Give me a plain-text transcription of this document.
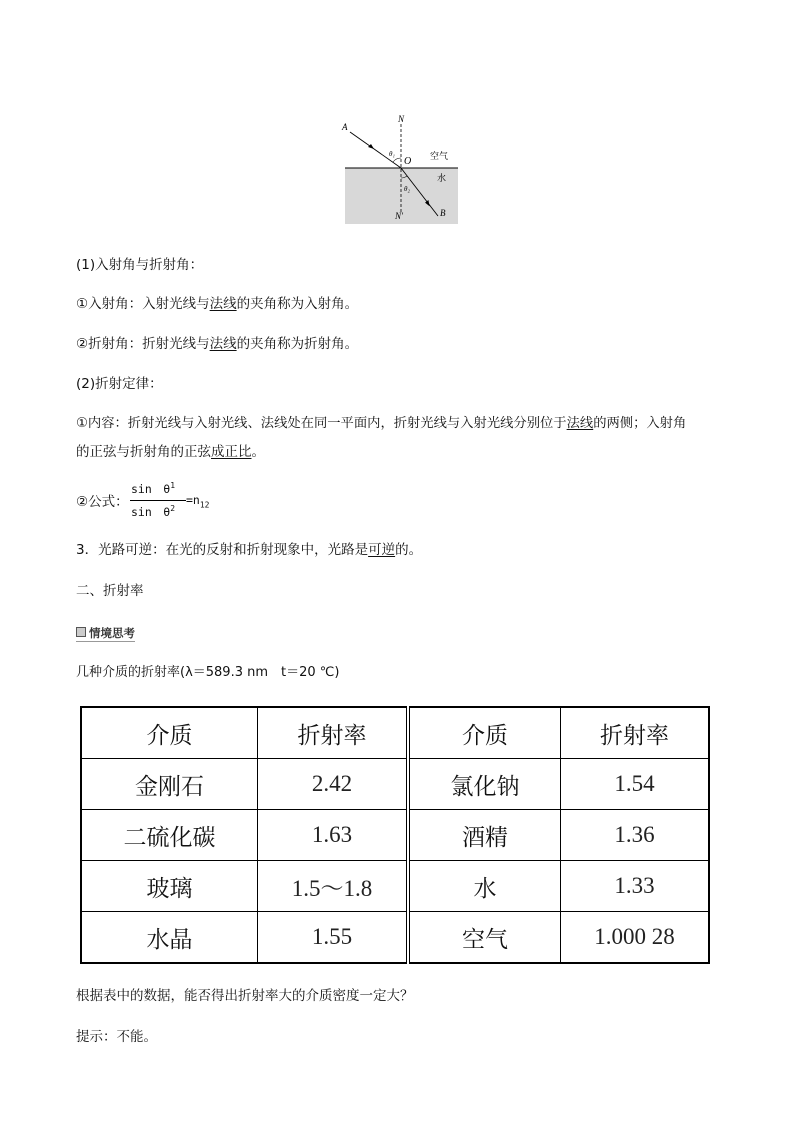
A
N
θ₁
O 空气
水
θ₂
N′	B
(1)入射角与折射角：
①入射角：入射光线与法线的夹角称为入射角。
②折射角：折射光线与法线的夹角称为折射角。
(2)折射定律：
①内容：折射光线与入射光线、法线处在同一平面内，折射光线与入射光线分别位于法线的两侧；入射角
的正弦与折射角的正弦成正比。
②公式：
sin　$\theta^1$
sin　$\theta^2$
$=n_{12}$
3．光路可逆：在光的反射和折射现象中，光路是可逆的。
二、折射率
情境思考
几种介质的折射率(λ＝589.3 nm　t＝20 ℃)
介质	折射率	介质	折射率
金刚石	2.42	氯化钠	1.54
二硫化碳	1.63	酒精	1.36
玻璃	1.5～1.8	水	1.33
水晶	1.55	空气	1.000 28
根据表中的数据，能否得出折射率大的介质密度一定大？
提示：不能。
